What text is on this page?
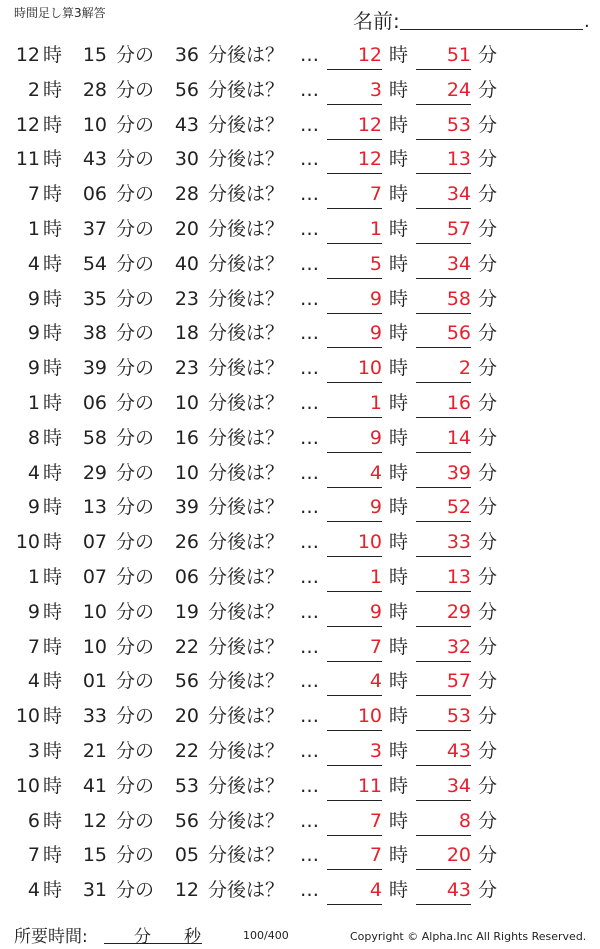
時間足し算3解答	名前:	.
12 時	15 分の	36 分後は？ …	12 時	51 分
2 時	28 分の	56 分後は？ …	3 時	24 分
12 時	10 分の	43 分後は？ …	12 時	53 分
11 時	43 分の	30 分後は？ …	12 時	13 分
7 時	06 分の	28 分後は？ …	7 時	34 分
1 時	37 分の	20 分後は？ …	1 時	57 分
4 時	54 分の	40 分後は？ …	5 時	34 分
9 時	35 分の	23 分後は？ …	9 時	58 分
9 時	38 分の	18 分後は？ …	9 時	56 分
9 時	39 分の	23 分後は？ …	10 時	2 分
1 時	06 分の	10 分後は？ …	1 時	16 分
8 時	58 分の	16 分後は？ …	9 時	14 分
4 時	29 分の	10 分後は？ …	4 時	39 分
9 時	13 分の	39 分後は？ …	9 時	52 分
10 時	07 分の	26 分後は？ …	10 時	33 分
1 時	07 分の	06 分後は？ …	1 時	13 分
9 時	10 分の	19 分後は？ …	9 時	29 分
7 時	10 分の	22 分後は？ …	7 時	32 分
4 時	01 分の	56 分後は？ …	4 時	57 分
10 時	33 分の	20 分後は？ …	10 時	53 分
3 時	21 分の	22 分後は？ …	3 時	43 分
10 時	41 分の	53 分後は？ …	11 時	34 分
6 時	12 分の	56 分後は？ …	7 時	8 分
7 時	15 分の	05 分後は？ …	7 時	20 分
4 時	31 分の	12 分後は？ …	4 時	43 分
所要時間:	分 秒	100/400	Copyright © Alpha.Inc All Rights Reserved.
